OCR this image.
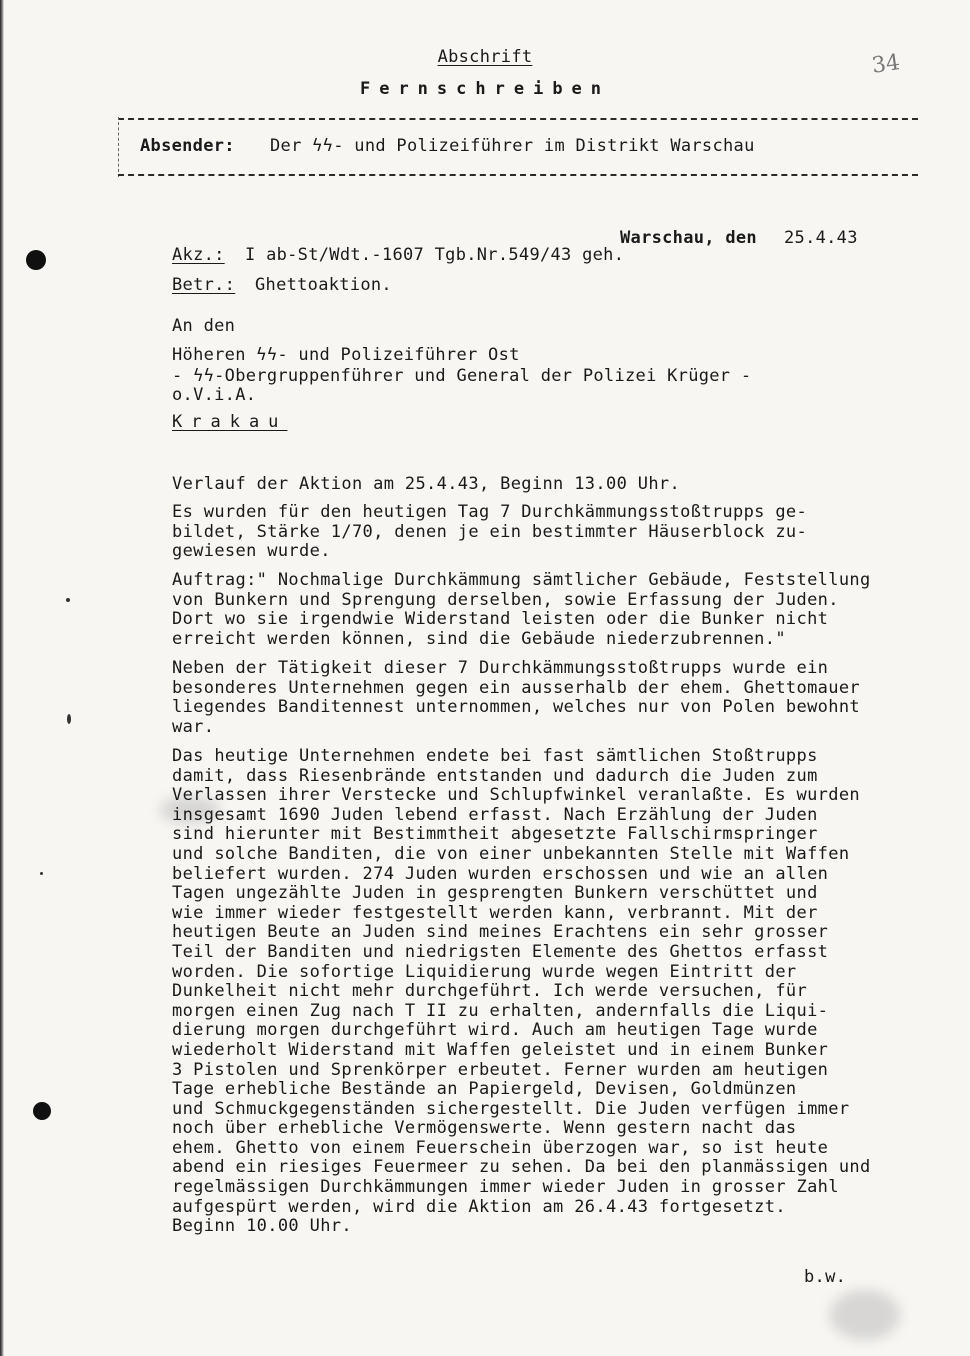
Abschrift
Fernschreiben
34
Absender: Der ϟϟ- und Polizeiführer im Distrikt Warschau
Warschau, den 25.4.43
Akz.: I ab-St/Wdt.-1607 Tgb.Nr.549/43 geh.
Betr.: Ghettoaktion.
An den
Höheren ϟϟ- und Polizeiführer Ost
- ϟϟ-Obergruppenführer und General der Polizei Krüger -
o.V.i.A.
Krakau
Verlauf der Aktion am 25.4.43, Beginn 13.00 Uhr.
Es wurden für den heutigen Tag 7 Durchkämmungsstoßtrupps ge-
bildet, Stärke 1/70, denen je ein bestimmter Häuserblock zu-
gewiesen wurde.
Auftrag:" Nochmalige Durchkämmung sämtlicher Gebäude, Feststellung
von Bunkern und Sprengung derselben, sowie Erfassung der Juden.
Dort wo sie irgendwie Widerstand leisten oder die Bunker nicht
erreicht werden können, sind die Gebäude niederzubrennen."
Neben der Tätigkeit dieser 7 Durchkämmungsstoßtrupps wurde ein
besonderes Unternehmen gegen ein ausserhalb der ehem. Ghettomauer
liegendes Banditennest unternommen, welches nur von Polen bewohnt
war.
Das heutige Unternehmen endete bei fast sämtlichen Stoßtrupps
damit, dass Riesenbrände entstanden und dadurch die Juden zum
Verlassen ihrer Verstecke und Schlupfwinkel veranlaßte. Es wurden
insgesamt 1690 Juden lebend erfasst. Nach Erzählung der Juden
sind hierunter mit Bestimmtheit abgesetzte Fallschirmspringer
und solche Banditen, die von einer unbekannten Stelle mit Waffen
beliefert wurden. 274 Juden wurden erschossen und wie an allen
Tagen ungezählte Juden in gesprengten Bunkern verschüttet und
wie immer wieder festgestellt werden kann, verbrannt. Mit der
heutigen Beute an Juden sind meines Erachtens ein sehr grosser
Teil der Banditen und niedrigsten Elemente des Ghettos erfasst
worden. Die sofortige Liquidierung wurde wegen Eintritt der
Dunkelheit nicht mehr durchgeführt. Ich werde versuchen, für
morgen einen Zug nach T II zu erhalten, andernfalls die Liqui-
dierung morgen durchgeführt wird. Auch am heutigen Tage wurde
wiederholt Widerstand mit Waffen geleistet und in einem Bunker
3 Pistolen und Sprenkörper erbeutet. Ferner wurden am heutigen
Tage erhebliche Bestände an Papiergeld, Devisen, Goldmünzen
und Schmuckgegenständen sichergestellt. Die Juden verfügen immer
noch über erhebliche Vermögenswerte. Wenn gestern nacht das
ehem. Ghetto von einem Feuerschein überzogen war, so ist heute
abend ein riesiges Feuermeer zu sehen. Da bei den planmässigen und
regelmässigen Durchkämmungen immer wieder Juden in grosser Zahl
aufgespürt werden, wird die Aktion am 26.4.43 fortgesetzt.
Beginn 10.00 Uhr.
b.w.
